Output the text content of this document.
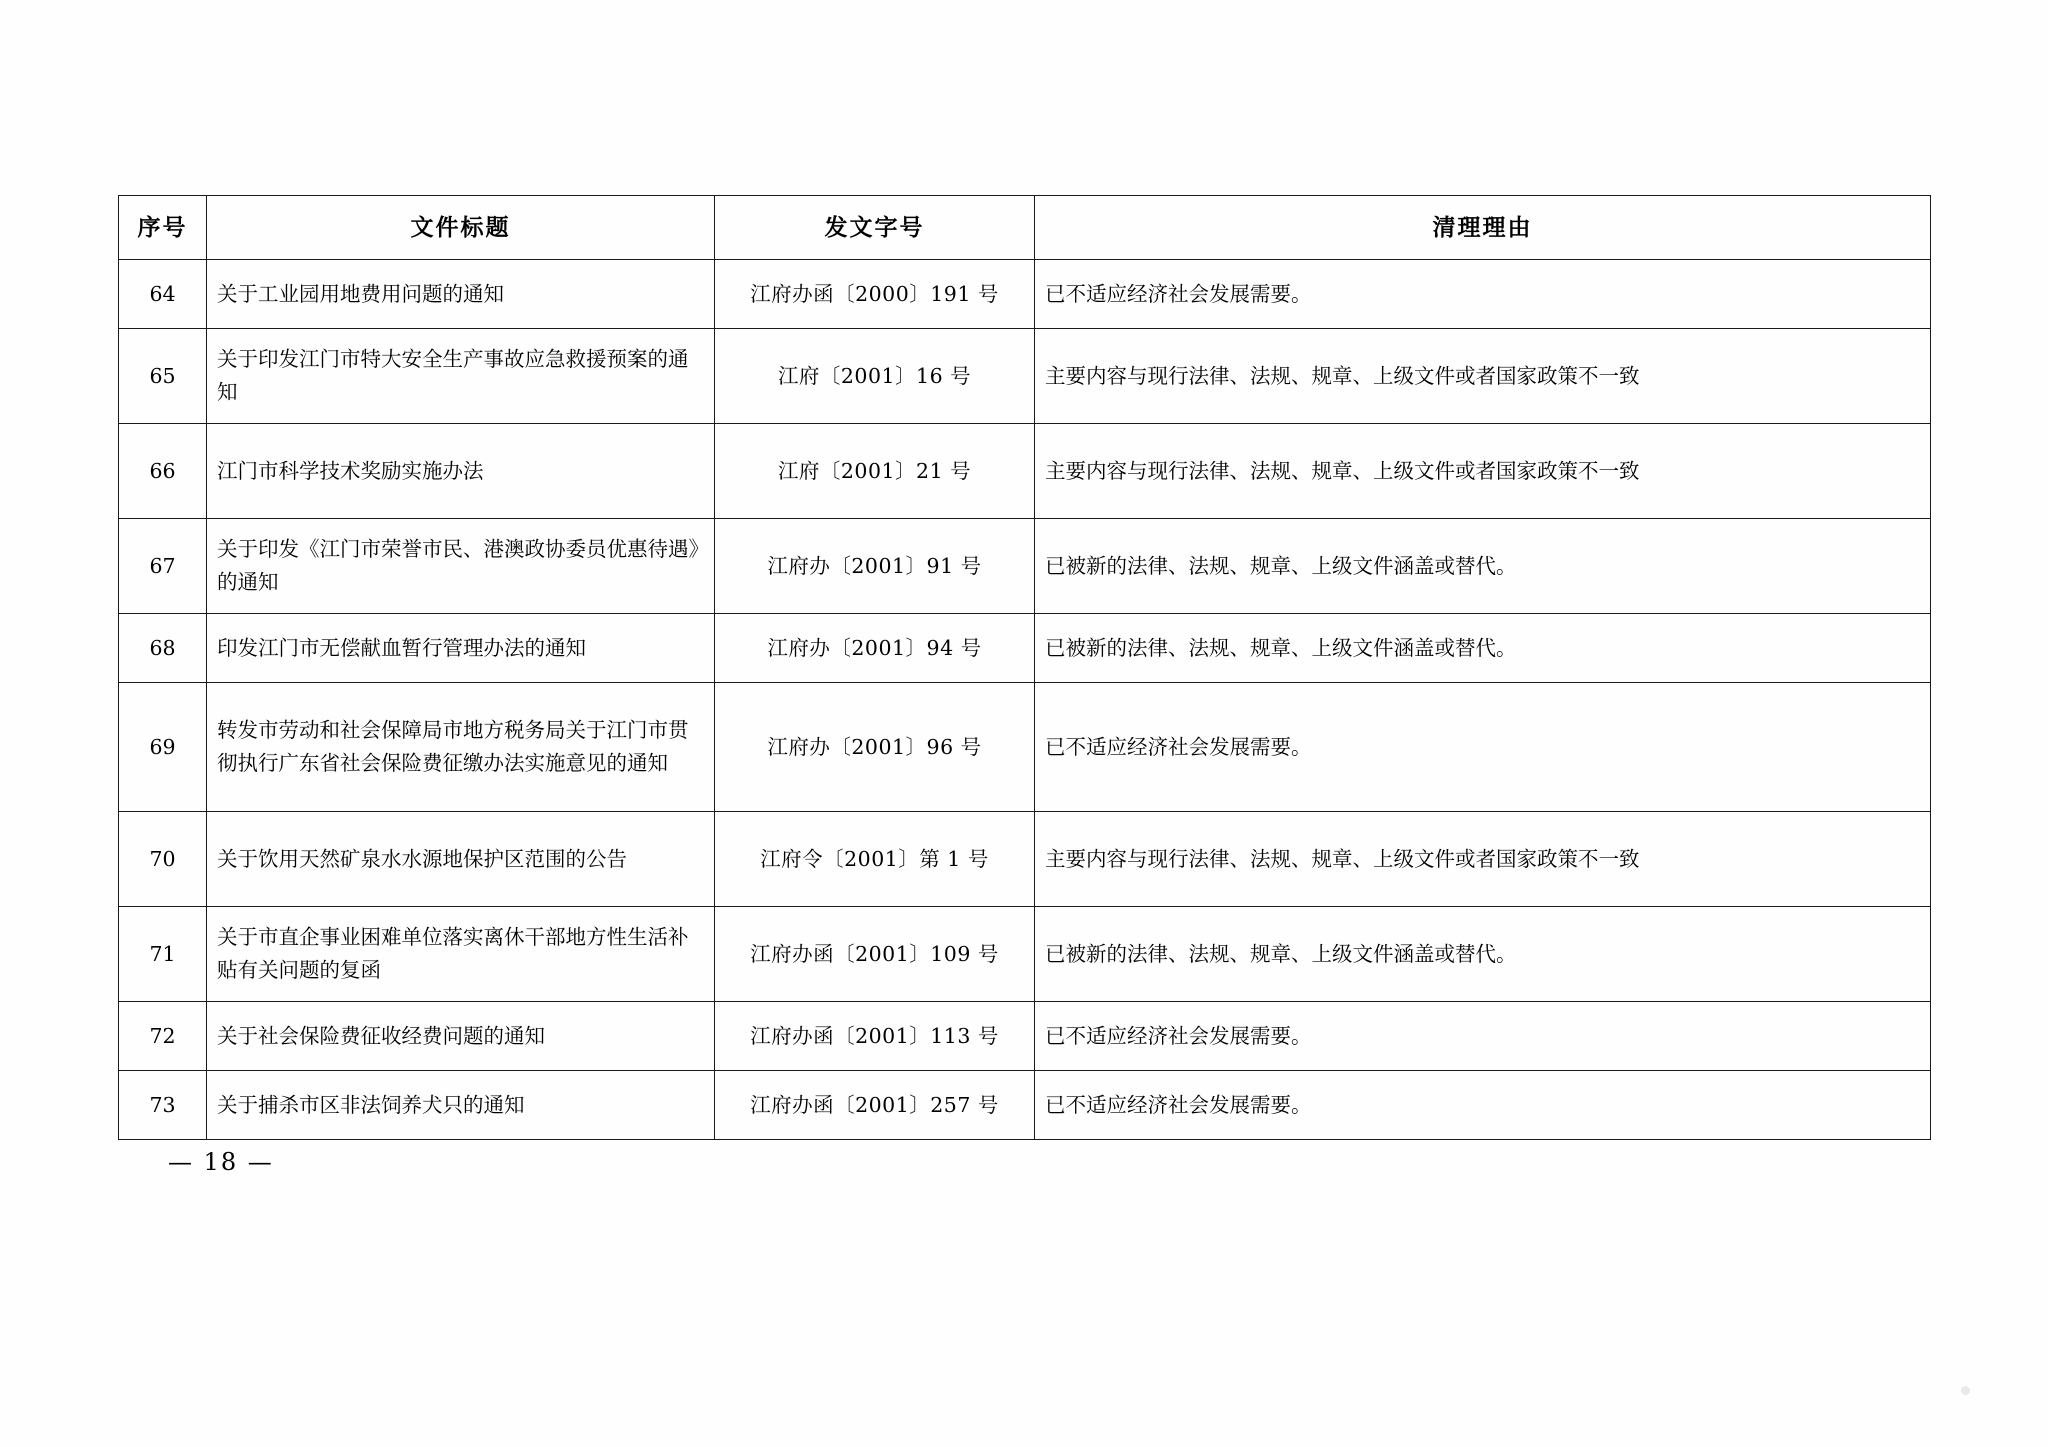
序号	文件标题	发文字号	清理理由
64	关于工业园用地费用问题的通知	江府办函〔2000〕191 号	已不适应经济社会发展需要。
65	关于印发江门市特大安全生产事故应急救援预案的通知	江府〔2001〕16 号	主要内容与现行法律、法规、规章、上级文件或者国家政策不一致
66	江门市科学技术奖励实施办法	江府〔2001〕21 号	主要内容与现行法律、法规、规章、上级文件或者国家政策不一致
67	关于印发《江门市荣誉市民、港澳政协委员优惠待遇》的通知	江府办〔2001〕91 号	已被新的法律、法规、规章、上级文件涵盖或替代。
68	印发江门市无偿献血暂行管理办法的通知	江府办〔2001〕94 号	已被新的法律、法规、规章、上级文件涵盖或替代。
69	转发市劳动和社会保障局市地方税务局关于江门市贯彻执行广东省社会保险费征缴办法实施意见的通知	江府办〔2001〕96 号	已不适应经济社会发展需要。
70	关于饮用天然矿泉水水源地保护区范围的公告	江府令〔2001〕第 1 号	主要内容与现行法律、法规、规章、上级文件或者国家政策不一致
71	关于市直企事业困难单位落实离休干部地方性生活补贴有关问题的复函	江府办函〔2001〕109 号	已被新的法律、法规、规章、上级文件涵盖或替代。
72	关于社会保险费征收经费问题的通知	江府办函〔2001〕113 号	已不适应经济社会发展需要。
73	关于捕杀市区非法饲养犬只的通知	江府办函〔2001〕257 号	已不适应经济社会发展需要。
— 18 —
